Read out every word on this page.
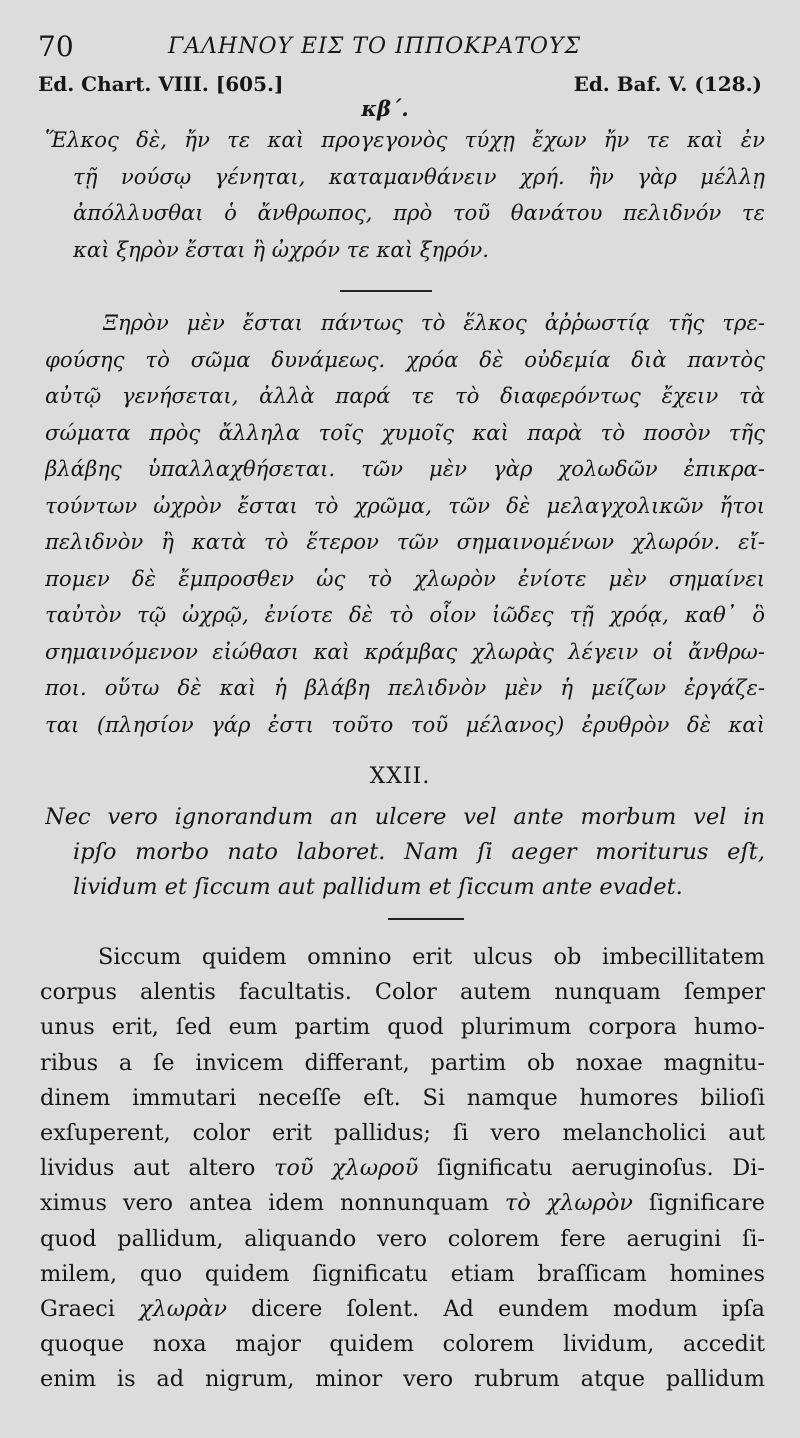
70	ΓΑΛΗΝΟΥ ΕΙΣ ΤΟ ΙΠΠΟΚΡΑΤΟΥΣ
Ed. Chart. VIII. [605.]	Ed. Baf. V. (128.)
κβ΄.
Ἕλκος δὲ, ἤν τε καὶ προγεγονὸς τύχῃ ἔχων ἤν τε καὶ ἐν
τῇ νούσῳ γένηται, καταμανθάνειν χρή. ἢν γὰρ μέλλῃ
ἀπόλλυσθαι ὁ ἄνθρωπος, πρὸ τοῦ θανάτου πελιδνόν τε
καὶ ξηρὸν ἔσται ἢ ὠχρόν τε καὶ ξηρόν.
Ξηρὸν μὲν ἔσται πάντως τὸ ἕλκος ἀῤῥωστίᾳ τῆς τρε-
φούσης τὸ σῶμα δυνάμεως. χρόα δὲ οὐδεμία διὰ παντὸς
αὐτῷ γενήσεται, ἀλλὰ παρά τε τὸ διαφερόντως ἔχειν τὰ
σώματα πρὸς ἄλληλα τοῖς χυμοῖς καὶ παρὰ τὸ ποσὸν τῆς
βλάβης ὑπαλλαχθήσεται. τῶν μὲν γὰρ χολωδῶν ἐπικρα-
τούντων ὠχρὸν ἔσται τὸ χρῶμα, τῶν δὲ μελαγχολικῶν ἤτοι
πελιδνὸν ἢ κατὰ τὸ ἕτερον τῶν σημαινομένων χλωρόν. εἴ-
πομεν δὲ ἔμπροσθεν ὡς τὸ χλωρὸν ἐνίοτε μὲν σημαίνει
ταὐτὸν τῷ ὠχρῷ, ἐνίοτε δὲ τὸ οἷον ἰῶδες τῇ χρόᾳ, καθ᾽ ὃ
σημαινόμενον εἰώθασι καὶ κράμβας χλωρὰς λέγειν οἱ ἄνθρω-
ποι. οὕτω δὲ καὶ ἡ βλάβη πελιδνὸν μὲν ἡ μείζων ἐργάζε-
ται (πλησίον γάρ ἐστι τοῦτο τοῦ μέλανος) ἐρυθρὸν δὲ καὶ
XXII.
Nec vero ignorandum an ulcere vel ante morbum vel in
ipſo morbo nato laboret. Nam ſi aeger moriturus eſt,
lividum et ſiccum aut pallidum et ſiccum ante evadet.
Siccum quidem omnino erit ulcus ob imbecillitatem
corpus alentis facultatis. Color autem nunquam ſemper
unus erit, ſed eum partim quod plurimum corpora humo-
ribus a ſe invicem differant, partim ob noxae magnitu-
dinem immutari neceſſe eſt. Si namque humores bilioſi
exſuperent, color erit pallidus; ſi vero melancholici aut
lividus aut altero τοῦ χλωροῦ ſignificatu aeruginoſus. Di-
ximus vero antea idem nonnunquam τὸ χλωρὸν ſignificare
quod pallidum, aliquando vero colorem fere aerugini ſi-
milem, quo quidem ſignificatu etiam braſſicam homines
Graeci χλωρὰν dicere ſolent. Ad eundem modum ipſa
quoque noxa major quidem colorem lividum, accedit
enim is ad nigrum, minor vero rubrum atque pallidum
